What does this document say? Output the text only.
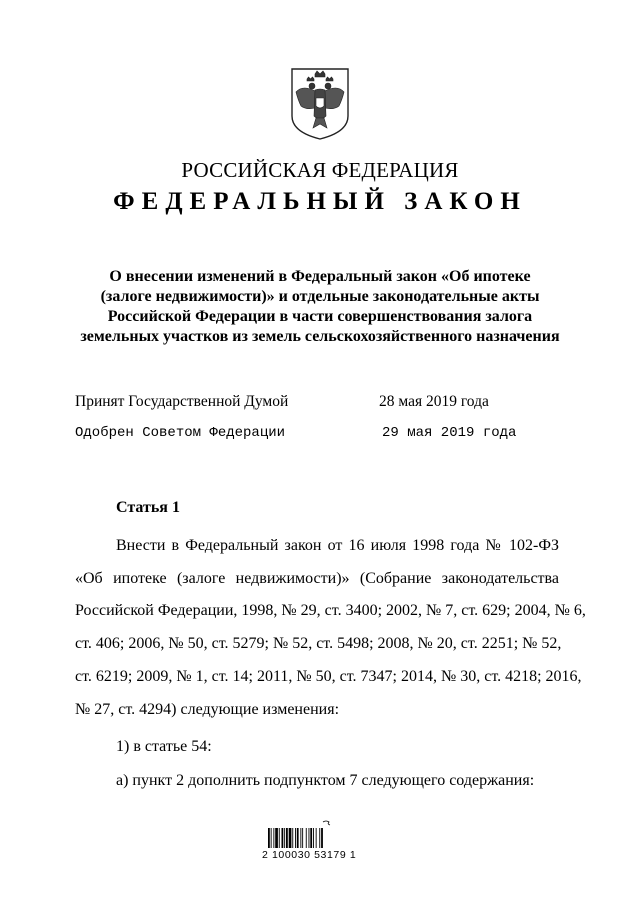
РОССИЙСКАЯ ФЕДЕРАЦИЯ
ФЕДЕРАЛЬНЫЙ ЗАКОН
О внесении изменений в Федеральный закон «Об ипотеке
(залоге недвижимости)» и отдельные законодательные акты
Российской Федерации в части совершенствования залога
земельных участков из земель сельскохозяйственного назначения
Принят Государственной Думой	28 мая 2019 года
Одобрен Советом Федерации	29 мая 2019 года
Статья 1
Внести в Федеральный закон от 16 июля 1998 года № 102-ФЗ
«Об ипотеке (залоге недвижимости)» (Собрание законодательства
Российской Федерации, 1998, № 29, ст. 3400; 2002, № 7, ст. 629; 2004, № 6,
ст. 406; 2006, № 50, ст. 5279; № 52, ст. 5498; 2008, № 20, ст. 2251; № 52,
ст. 6219; 2009, № 1, ст. 14; 2011, № 50, ст. 7347; 2014, № 30, ст. 4218; 2016,
№ 27, ст. 4294) следующие изменения:
1) в статье 54:
а) пункт 2 дополнить подпунктом 7 следующего содержания:
2 100030 53179 1
